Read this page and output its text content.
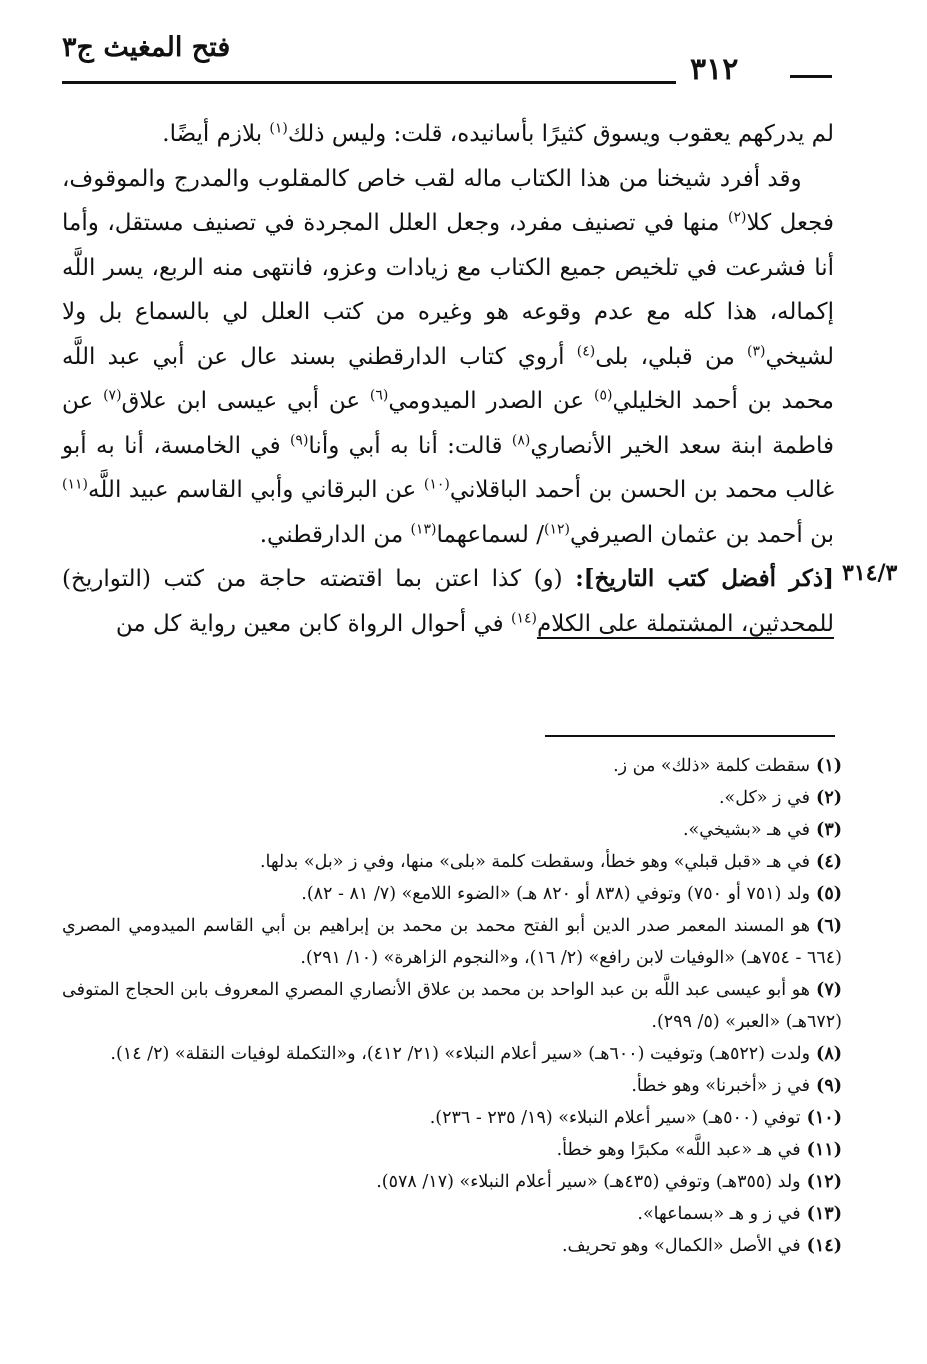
فتح المغيث ج٣
٣١٢
٣١٤/٣

لم يدركهم يعقوب ويسوق كثيرًا بأسانيده، قلت: وليس ذلك$^{(١)}$ بلازم أيضًا.

وقد أفرد شيخنا من هذا الكتاب ماله لقب خاص كالمقلوب والمدرج والموقوف، فجعل كلا$^{(٢)}$ منها في تصنيف مفرد، وجعل العلل المجردة في تصنيف مستقل، وأما أنا فشرعت في تلخيص جميع الكتاب مع زيادات وعزو، فانتهى منه الربع، يسر اللَّه إكماله، هذا كله مع عدم وقوعه هو وغيره من كتب العلل لي بالسماع بل ولا لشيخي$^{(٣)}$ من قبلي، بلى$^{(٤)}$ أروي كتاب الدارقطني بسند عال عن أبي عبد اللَّه محمد بن أحمد الخليلي$^{(٥)}$ عن الصدر الميدومي$^{(٦)}$ عن أبي عيسى ابن علاق$^{(٧)}$ عن فاطمة ابنة سعد الخير الأنصاري$^{(٨)}$ قالت: أنا به أبي وأنا$^{(٩)}$ في الخامسة، أنا به أبو غالب محمد بن الحسن بن أحمد الباقلاني$^{(١٠)}$ عن البرقاني وأبي القاسم عبيد اللَّه$^{(١١)}$ بن أحمد بن عثمان الصيرفي$^{(١٢)}$/ لسماعهما$^{(١٣)}$ من الدارقطني.

[ذكر أفضل كتب التاريخ]: (و) كذا اعتن بما اقتضته حاجة من كتب (التواريخ) للمحدثين، المشتملة على الكلام$^{(١٤)}$ في أحوال الرواة كابن معين رواية كل من

(١)سقطت كلمة «ذلك» من ز.

(٢)في ز «كل».

(٣)في هـ «بشيخي».

(٤)في هـ «قبل قبلي» وهو خطأ، وسقطت كلمة «بلى» منها، وفي ز «بل» بدلها.

(٥)ولد (٧٥١ أو ٧٥٠) وتوفي (٨٣٨ أو ٨٢٠ هـ) «الضوء اللامع» (٧/ ٨١ - ٨٢).

(٦)هو المسند المعمر صدر الدين أبو الفتح محمد بن محمد بن إبراهيم بن أبي القاسم الميدومي المصري (٦٦٤ - ٧٥٤هـ) «الوفيات لابن رافع» (٢/ ١٦)، و«النجوم الزاهرة» (١٠/ ٢٩١).

(٧)هو أبو عيسى عبد اللَّه بن عبد الواحد بن محمد بن علاق الأنصاري المصري المعروف بابن الحجاج المتوفى (٦٧٢هـ) «العبر» (٥/ ٢٩٩).

(٨)ولدت (٥٢٢هـ) وتوفيت (٦٠٠هـ) «سير أعلام النبلاء» (٢١/ ٤١٢)، و«التكملة لوفيات النقلة» (٢/ ١٤).

(٩)في ز «أخبرنا» وهو خطأ.

(١٠)توفي (٥٠٠هـ) «سير أعلام النبلاء» (١٩/ ٢٣٥ - ٢٣٦).

(١١)في هـ «عبد اللَّه» مكبرًا وهو خطأ.

(١٢)ولد (٣٥٥هـ) وتوفي (٤٣٥هـ) «سير أعلام النبلاء» (١٧/ ٥٧٨).

(١٣)في ز و هـ «بسماعها».

(١٤)في الأصل «الكمال» وهو تحريف.
